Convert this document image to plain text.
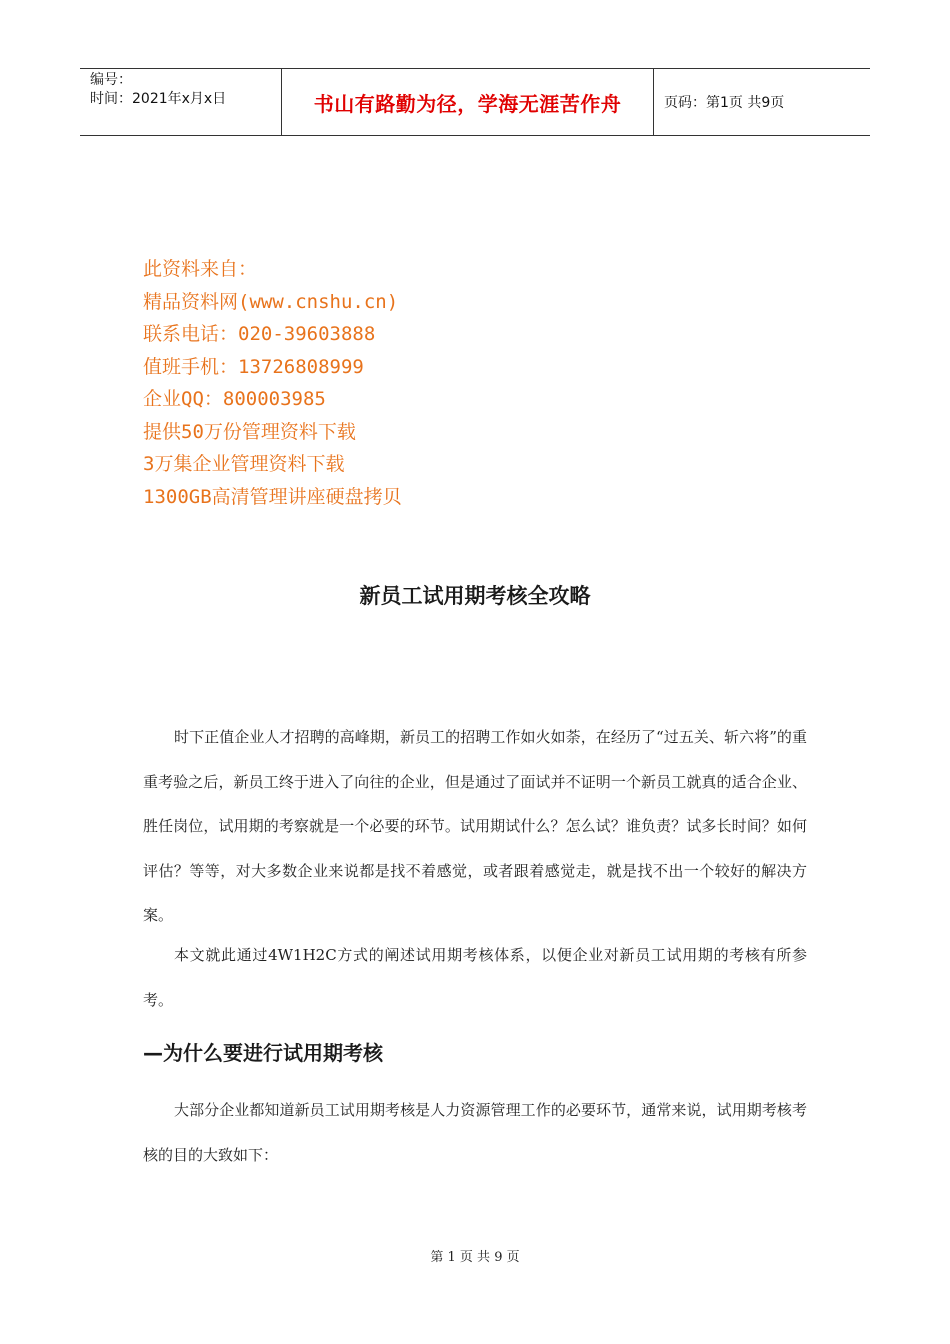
编号：
时间：2021年x月x日	书山有路勤为径，学海无涯苦作舟	页码：第1页 共9页
此资料来自：
精品资料网(www.cnshu.cn)
联系电话：020-39603888
值班手机：13726808999
企业QQ：800003985
提供50万份管理资料下载
3万集企业管理资料下载
1300GB高清管理讲座硬盘拷贝
新员工试用期考核全攻略

时下正值企业人才招聘的高峰期，新员工的招聘工作如火如荼，在经历了“过五关、斩六将”的重重考验之后，新员工终于进入了向往的企业，但是通过了面试并不证明一个新员工就真的适合企业、胜任岗位，试用期的考察就是一个必要的环节。试用期试什么？怎么试？谁负责？试多长时间？如何评估？等等，对大多数企业来说都是找不着感觉，或者跟着感觉走，就是找不出一个较好的解决方案。

本文就此通过4W1H2C方式的阐述试用期考核体系，以便企业对新员工试用期的考核有所参考。

—为什么要进行试用期考核

大部分企业都知道新员工试用期考核是人力资源管理工作的必要环节，通常来说，试用期考核考核的目的大致如下：

第 1 页 共 9 页
